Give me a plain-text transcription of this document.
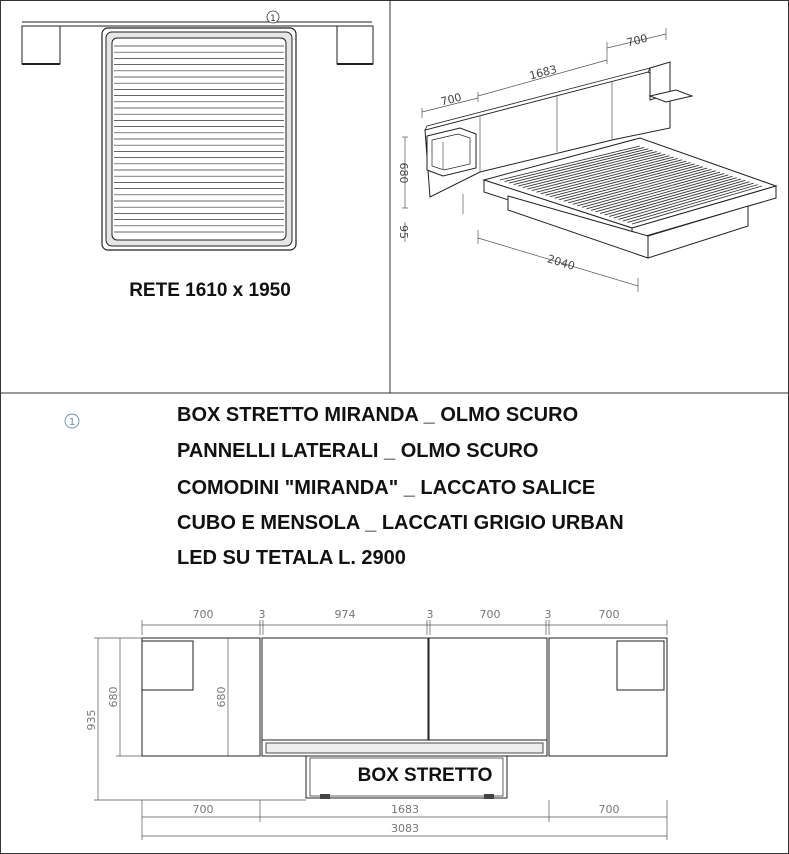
1
RETE 1610 x 1950
700
1683
700
680
95
2040
1	BOX STRETTO MIRANDA _ OLMO SCURO
PANNELLI LATERALI _ OLMO SCURO
COMODINI "MIRANDA" _ LACCATO SALICE
CUBO E MENSOLA _ LACCATI GRIGIO URBAN
LED SU TETALA L. 2900
700	3	974	3	700	3	700
BOX STRETTO
935
680	680
700	1683	700
3083
